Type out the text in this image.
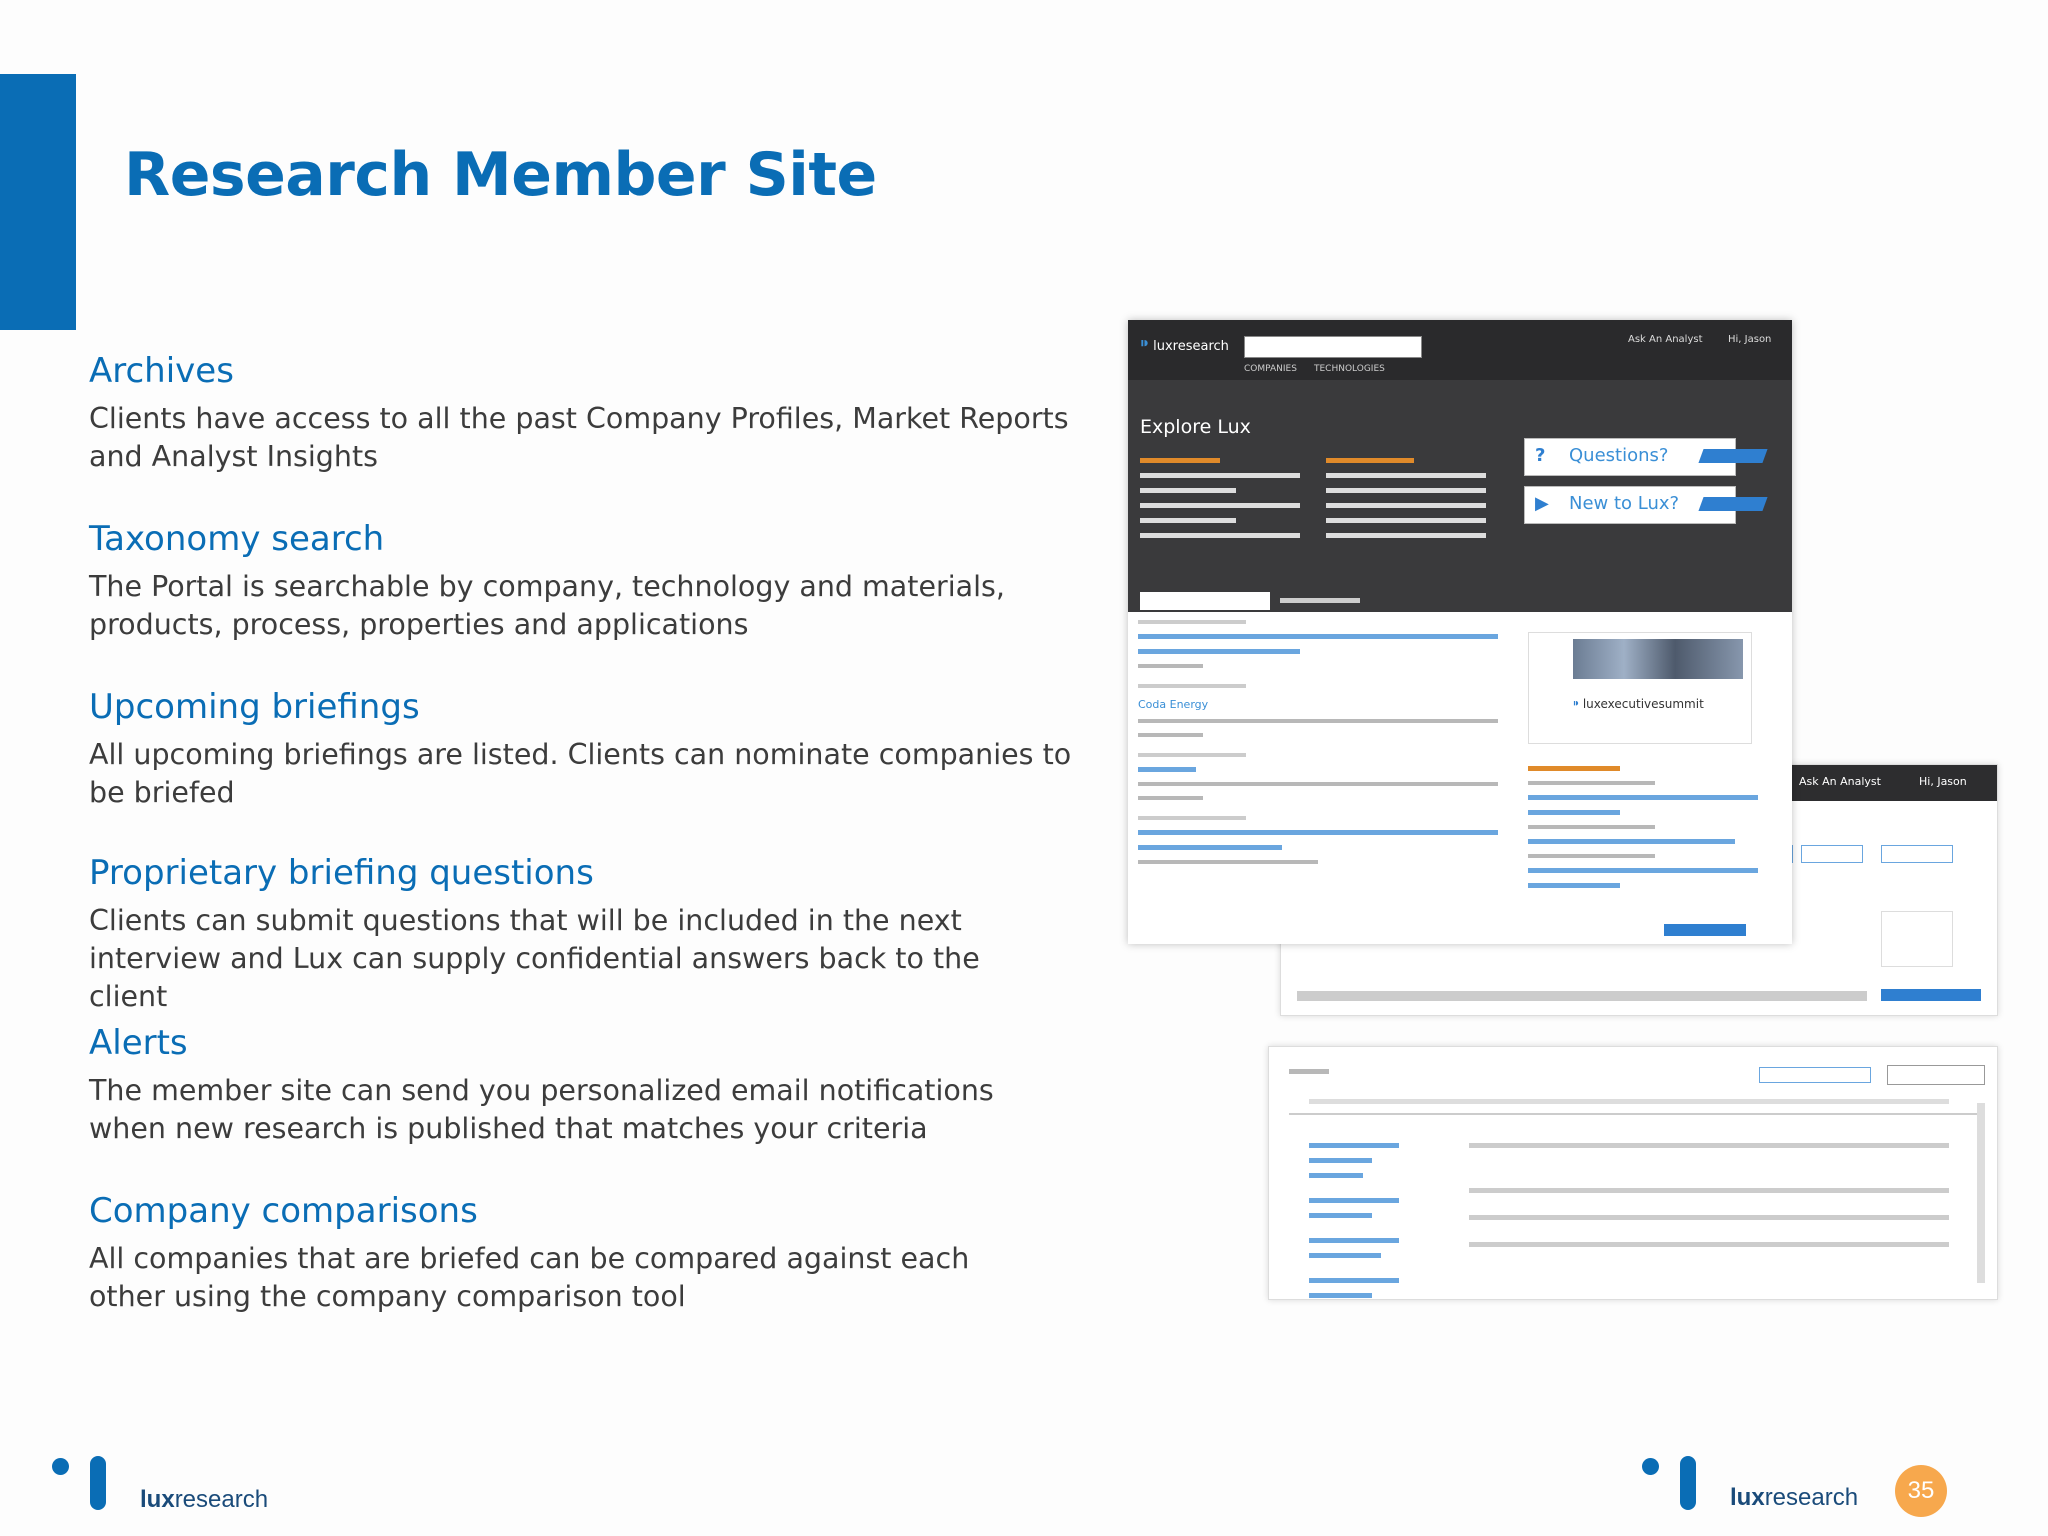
Research Member Site
Archives

Clients have access to all the past Company Profiles, Market Reports and Analyst Insights

Taxonomy search

The Portal is searchable by company, technology and materials, products, process, properties and applications

Upcoming briefings

All upcoming briefings are listed. Clients can nominate companies to be briefed

Proprietary briefing questions

Clients can submit questions that will be included in the next interview and Lux can supply confidential answers back to the client

Alerts

The member site can send you personalized email notifications when new research is published that matches your criteria

Company comparisons

All companies that are briefed can be compared against each other using the company comparison tool

Ask An Analyst	Hi, Jason
⁍ luxresearch	Ask An Analyst	Hi, Jason
COMPANIES TECHNOLOGIES
Explore Lux
? Questions?
▶ New to Lux?
Coda Energy	⁍ luxexecutivesummit
luxresearch	luxresearch	35
